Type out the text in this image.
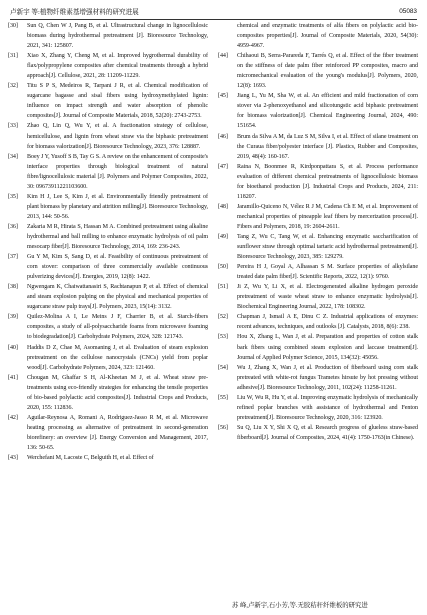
卢新宇 等:植物纤维素基增强材料的研究进展	05083
[30] Sun Q, Chen W J, Pang B, et al. Ultrastructural change in lignocellulosic biomass during hydrothermal pretreatment [J]. Bioresource Technology, 2021, 341: 125807.
[31] Xiao X, Zhang Y, Cheng M, et al. Improved hygrothermal durability of flax/polypropylene composites after chemical treatments through a hybrid approach[J]. Cellulose, 2021, 28: 11209-11229.
[32] Titu S P S, Medeiros R, Tarpani J R, et al. Chemical modification of sugarcane bagasse and sisal fibers using hydroxymethylated lignin: influence on impact strength and water absorption of phenolic composites[J]. Journal of Composite Materials, 2018, 52(20): 2743-2753.
[33] Zhao Q, Lin Q, Wu Y, et al. A fractionation strategy of cellulose, hemicellulose, and lignin from wheat straw via the biphasic pretreatment for biomass valorization[J]. Bioresource Technology, 2023, 376: 128887.
[34] Boey J Y, Yusoff S B, Tay G S. A review on the enhancement of composite's interface properties through biological treatment of natural fibre/lignocellulosic material [J]. Polymers and Polymer Composites, 2022, 30: 09673911221103600.
[35] Kim H J, Lee S, Kim J, et al. Environmentally friendly pretreatment of plant biomass by planetary and attrition milling[J]. Bioresource Technology, 2013, 144: 50-56.
[36] Zakaria M R, Hirata S, Hassan M A. Combined pretreatment using alkaline hydrothermal and ball milling to enhance enzymatic hydrolysis of oil palm mesocarp fiber[J]. Bioresource Technology, 2014, 169: 236-243.
[37] Gu Y M, Kim S, Sang D, et al. Feasibility of continuous pretreatment of corn stover: comparison of three commercially available continuous pulverizing devices[J]. Energies, 2019, 12(8): 1422.
[38] Ngwengam K, Chaiwattanasiri S, Rachtanapun P, et al. Effect of chemical and steam explosion pulping on the physical and mechanical properties of sugarcane straw pulp trays[J]. Polymers, 2023, 15(14): 3132.
[39] Quilez-Molina A I, Le Meins J F, Charrier B, et al. Starch-fibers composites, a study of all-polysaccharide foams from microwave foaming to biodegradation[J]. Carbohydrate Polymers, 2024, 328: 121743.
[40] Haddis D Z, Chae M, Asomaning J, et al. Evaluation of steam explosion pretreatment on the cellulose nanocrystals (CNCs) yield from poplar wood[J]. Carbohydrate Polymers, 2024, 323: 121460.
[41] Chougan M, Ghaffar S H, Al-Kheetan M J, et al. Wheat straw pre-treatments using eco-friendly strategies for enhancing the tensile properties of bio-based polylactic acid composites[J]. Industrial Crops and Products, 2020, 155: 112836.
[42] Aguilar-Reynosa A, Romani A, Rodriguez-Jasso R M, et al. Microwave heating processing as alternative of pretreatment in second-generation biorefinery: an overview [J]. Energy Conversion and Management, 2017, 136: 50-65.
[43] Werchefani M, Lacoste C, Belguith H, et al. Effect of
chemical and enzymatic treatments of alfa fibers on polylactic acid bio-composites properties[J]. Journal of Composite Materials, 2020, 54(30): 4959-4967.
[44] Chihaoui B, Serra-Parareda F, Tarrés Q, et al. Effect of the fiber treatment on the stiffness of date palm fiber reinforced PP composites, macro and micromechanical evaluation of the young's modulus[J]. Polymers, 2020, 12(8): 1693.
[45] Jiang L, Yu M, Sha W, et al. An efficient and mild fractionation of corn stover via 2-phenoxyethanol and silicotungstic acid biphasic pretreatment for biomass valorization[J]. Chemical Engineering Journal, 2024, 490: 151654.
[46] Brum da Silva A M, da Luz S M, Silva I, et al. Effect of silane treatment on the Curaua fiber/polyester interface [J]. Plastics, Rubber and Composites, 2019, 48(4): 160-167.
[47] Raina N, Boonmee R, Kirdponpattara S, et al. Process performance evaluation of different chemical pretreatments of lignocellulosic biomass for bioethanol production [J]. Industrial Crops and Products, 2024, 211: 118207.
[48] Jaramillo-Quiceno N, Vélez R J M, Cadena Ch E M, et al. Improvement of mechanical properties of pineapple leaf fibers by mercerization process[J]. Fibers and Polymers, 2018, 19: 2604-2611.
[49] Tang Z, Wu C, Tang W, et al. Enhancing enzymatic saccharification of sunflower straw through optimal tartaric acid hydrothermal pretreatment[J]. Bioresource Technology, 2023, 385: 129279.
[50] Pereira H J, Goyal A, Alhassan S M. Surface properties of alkylsilane treated date palm fiber[J]. Scientific Reports, 2022, 12(1): 9760.
[51] Ji Z, Wu Y, Li X, et al. Electrogenerated alkaline hydrogen peroxide pretreatment of waste wheat straw to enhance enzymatic hydrolysis[J]. Biochemical Engineering Journal, 2022, 178: 108302.
[52] Chapman J, Ismail A E, Dinu C Z. Industrial applications of enzymes: recent advances, techniques, and outlooks [J]. Catalysts, 2018, 8(6): 238.
[53] Hou X, Zhang L, Wan J, et al. Preparation and properties of cotton stalk bark fibers using combined steam explosion and laccase treatment[J]. Journal of Applied Polymer Science, 2015, 134(32): 45056.
[54] Wu J, Zhang X, Wan J, et al. Production of fiberboard using corn stalk pretreated with white-rot fungus Trametes hirsute by hot pressing without adhesive[J]. Bioresource Technology, 2011, 102(24): 11258-11261.
[55] Liu W, Wu R, Hu Y, et al. Improving enzymatic hydrolysis of mechanically refined poplar branches with assistance of hydrothermal and Fenton pretreatment[J]. Bioresource Technology, 2020, 316: 123920.
[56] Su Q, Liu X Y, Shi X Q, et al. Research progress of glueless straw-based fiberboard[J]. Journal of Composites, 2024, 41(4): 1750-1763(in Chinese).
苏 峰,卢新宇,石小芳,等.无胶秸秆纤维板的研究进
